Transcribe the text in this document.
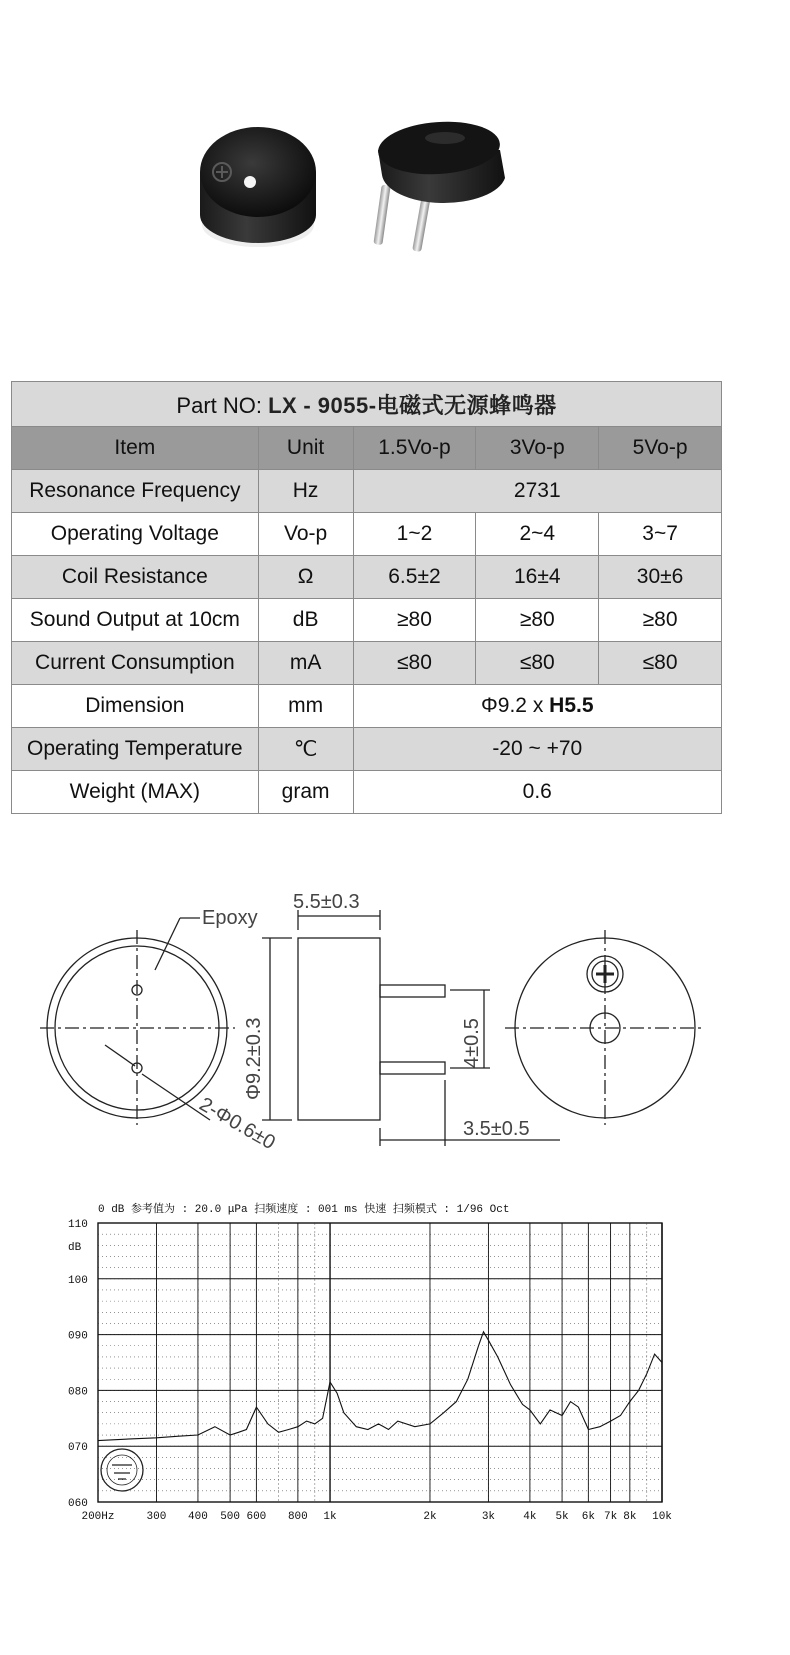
Part NO: LX - 9055-电磁式无源蜂鸣器				
Item	Unit	1.5Vo-p	3Vo-p	5Vo-p
Resonance Frequency	Hz	2731		
Operating Voltage	Vo-p	1~2	2~4	3~7
Coil Resistance	Ω	6.5±2	16±4	30±6
Sound Output at 10cm	dB	≥80	≥80	≥80
Current Consumption	mA	≤80	≤80	≤80
Dimension	mm	Φ9.2 x H5.5		
Operating Temperature	℃	-20 ~ +70		
Weight (MAX)	gram	0.6		
Epoxy
5.5±0.3
3.5±0.5
Φ9.2±0.3	4±0.5
2-Φ0.6±0
0 dB 参考值为 : 20.0 μPa 扫频速度 : 001 ms 快速 扫频模式 : 1/96 Oct
dB
060
070
080
090
100
110
200Hz	300 400 500 600 800 1k	2k	3k	4k 5k 6k 7k 8k 10k
